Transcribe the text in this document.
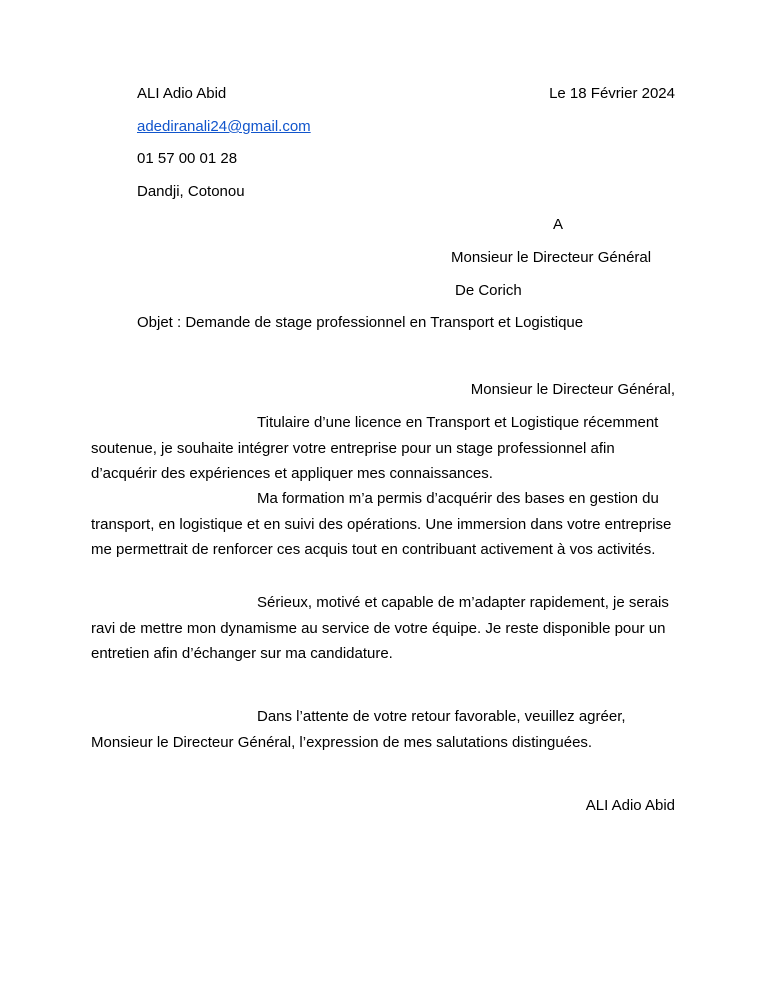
ALI Adio Abid	Le 18 Février 2024
adediranali24@gmail.com
01 57 00 01 28
Dandji, Cotonou
A
Monsieur le Directeur Général
De Corich
Objet : Demande de stage professionnel en Transport et Logistique
Monsieur le Directeur Général,
Titulaire d’une licence en Transport et Logistique récemment soutenue, je souhaite intégrer votre entreprise pour un stage professionnel afin d’acquérir des expériences et appliquer mes connaissances.
Ma formation m’a permis d’acquérir des bases en gestion du transport, en logistique et en suivi des opérations. Une immersion dans votre entreprise me permettrait de renforcer ces acquis tout en contribuant activement à vos activités.
Sérieux, motivé et capable de m’adapter rapidement, je serais ravi de mettre mon dynamisme au service de votre équipe. Je reste disponible pour un entretien afin d’échanger sur ma candidature.
Dans l’attente de votre retour favorable, veuillez agréer, Monsieur le Directeur Général, l’expression de mes salutations distinguées.
ALI Adio Abid
